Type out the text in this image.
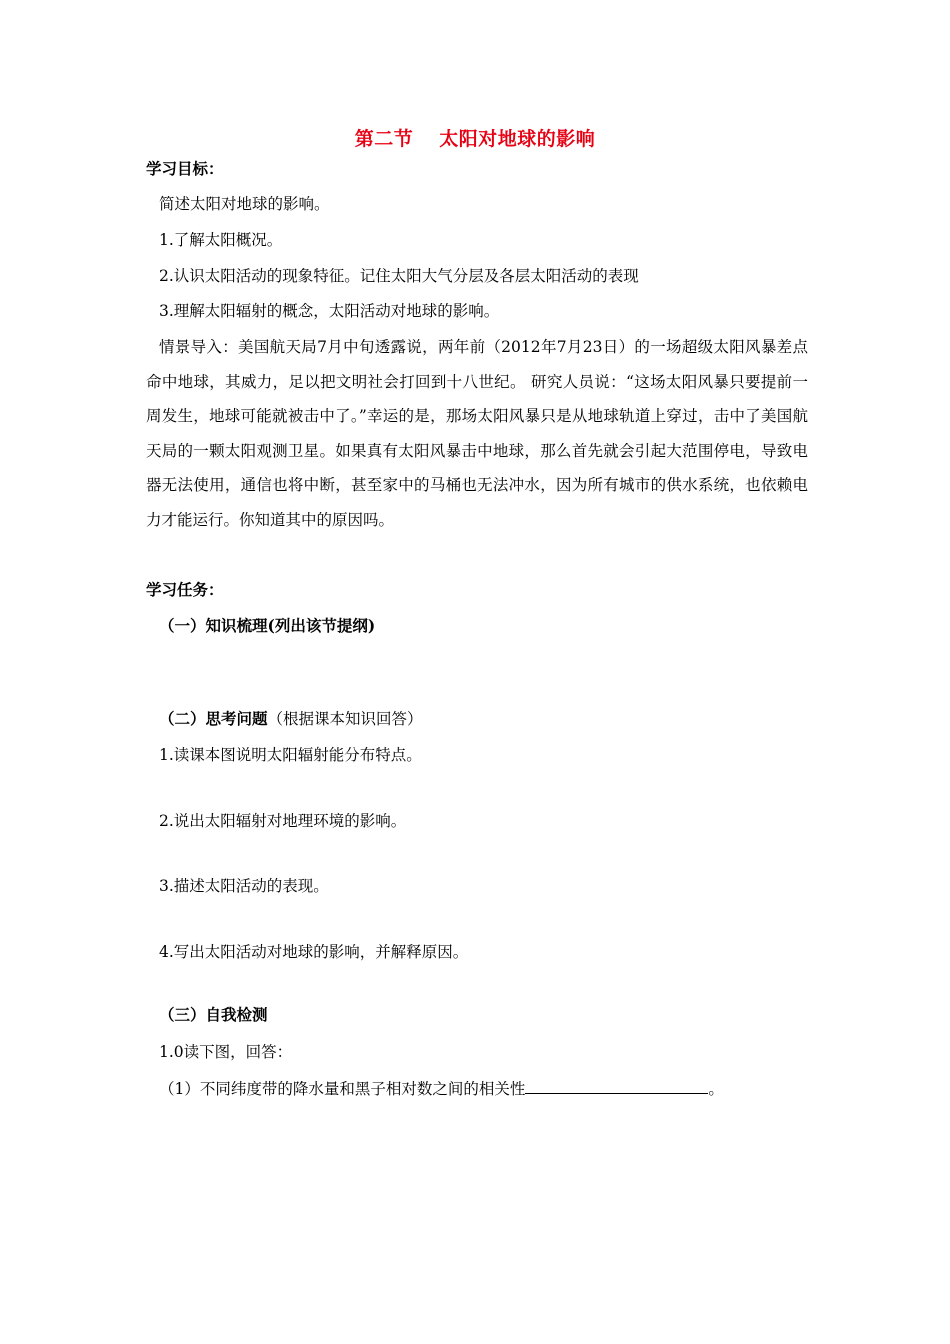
第二节 太阳对地球的影响
学习目标：
简述太阳对地球的影响。
1.了解太阳概况。
2.认识太阳活动的现象特征。记住太阳大气分层及各层太阳活动的表现
3.理解太阳辐射的概念，太阳活动对地球的影响。
情景导入：美国航天局7月中旬透露说，两年前（2012年7月23日）的一场超级太阳风暴差点命中地球，其威力，足以把文明社会打回到十八世纪。 研究人员说：“这场太阳风暴只要提前一周发生，地球可能就被击中了。”幸运的是，那场太阳风暴只是从地球轨道上穿过，击中了美国航天局的一颗太阳观测卫星。如果真有太阳风暴击中地球，那么首先就会引起大范围停电，导致电器无法使用，通信也将中断，甚至家中的马桶也无法冲水，因为所有城市的供水系统，也依赖电力才能运行。你知道其中的原因吗。
学习任务：
（一）知识梳理(列出该节提纲)
（二）思考问题（根据课本知识回答）
1.读课本图说明太阳辐射能分布特点。
2.说出太阳辐射对地理环境的影响。
3.描述太阳活动的表现。
4.写出太阳活动对地球的影响，并解释原因。
（三）自我检测
1.0读下图，回答：
（1）不同纬度带的降水量和黑子相对数之间的相关性	。
